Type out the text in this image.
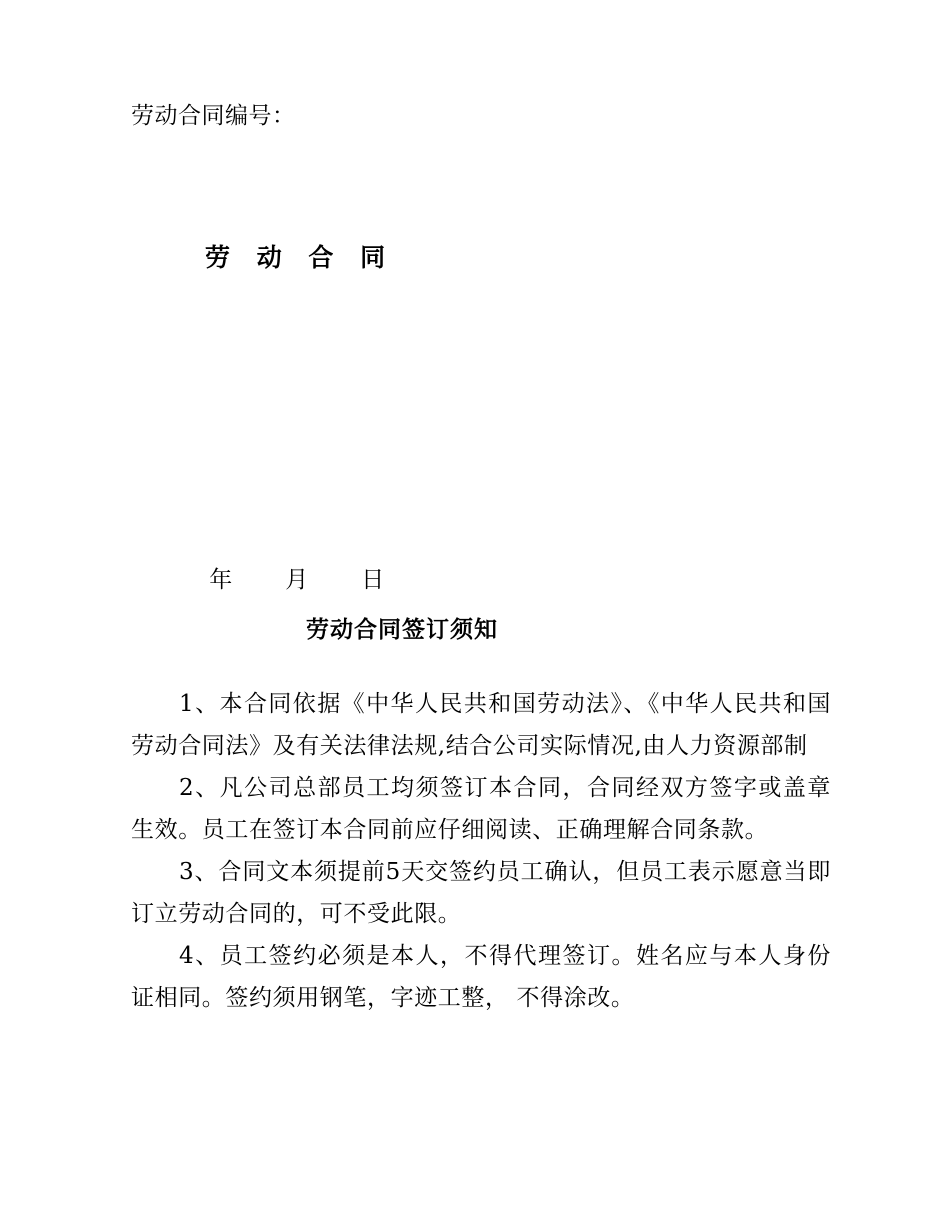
劳动合同编号：
劳 动 合 同

年 月 日

劳动合同签订须知

1、本合同依据《中华人民共和国劳动法》、《中华人民共和国劳动合同法》及有关法律法规,结合公司实际情况,由人力资源部制

2、凡公司总部员工均须签订本合同，合同经双方签字或盖章生效。员工在签订本合同前应仔细阅读、正确理解合同条款。

3、合同文本须提前5天交签约员工确认，但员工表示愿意当即订立劳动合同的，可不受此限。

4、员工签约必须是本人，不得代理签订。姓名应与本人身份证相同。签约须用钢笔，字迹工整， 不得涂改。
